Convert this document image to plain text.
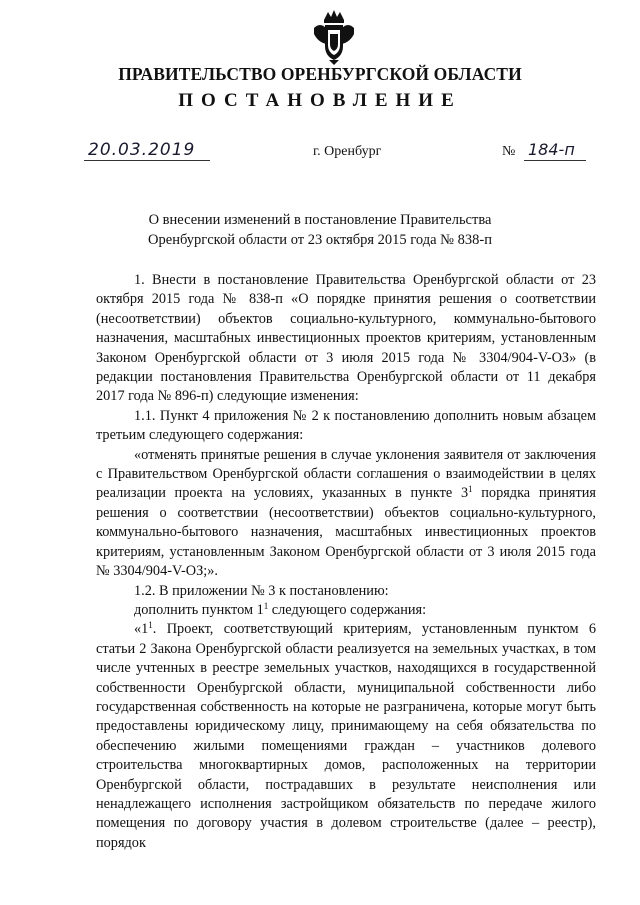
ПРАВИТЕЛЬСТВО ОРЕНБУРГСКОЙ ОБЛАСТИ
ПОСТАНОВЛЕНИЕ
20.03.2019	г. Оренбург	№ 184-п
О внесении изменений в постановление Правительства Оренбургской области от 23 октября 2015 года № 838-п

1. Внести в постановление Правительства Оренбургской области от 23 октября 2015 года № 838-п «О порядке принятия решения о соответствии (несоответствии) объектов социально-культурного, коммунально-бытового назначения, масштабных инвестиционных проектов критериям, установленным Законом Оренбургской области от 3 июля 2015 года № 3304/904-V-ОЗ» (в редакции постановления Правительства Оренбургской области от 11 декабря 2017 года № 896-п) следующие изменения:

1.1. Пункт 4 приложения № 2 к постановлению дополнить новым абзацем третьим следующего содержания:

«отменять принятые решения в случае уклонения заявителя от заключения с Правительством Оренбургской области соглашения о взаимодействии в целях реализации проекта на условиях, указанных в пункте $3^1$ порядка принятия решения о соответствии (несоответствии) объектов социально-культурного, коммунально-бытового назначения, масштабных инвестиционных проектов критериям, установленным Законом Оренбургской области от 3 июля 2015 года № 3304/904-V-ОЗ;».

1.2. В приложении № 3 к постановлению:

дополнить пунктом $1^1$ следующего содержания:

«$1^1$. Проект, соответствующий критериям, установленным пунктом 6 статьи 2 Закона Оренбургской области реализуется на земельных участках, в том числе учтенных в реестре земельных участков, находящихся в государственной собственности Оренбургской области, муниципальной собственности либо государственная собственность на которые не разграничена, которые могут быть предоставлены юридическому лицу, принимающему на себя обязательства по обеспечению жилыми помещениями граждан – участников долевого строительства многоквартирных домов, расположенных на территории Оренбургской области, пострадавших в результате неисполнения или ненадлежащего исполнения застройщиком обязательств по передаче жилого помещения по договору участия в долевом строительстве (далее – реестр), порядок
